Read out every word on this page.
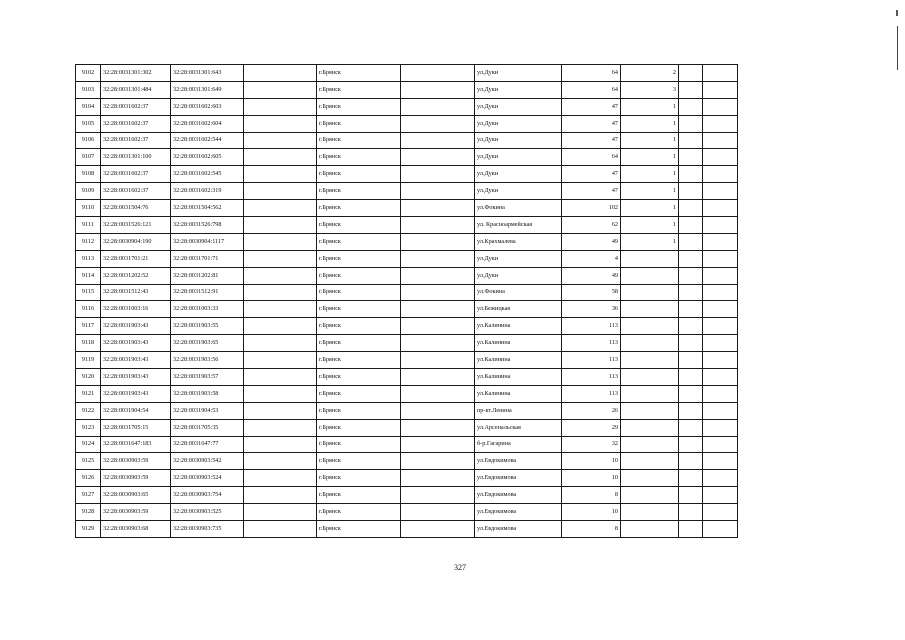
9102	32:28:0031301:302	32:28:0031301:643		г.Брянск		ул.Дуки	64	2		
9103	32:28:0031301:484	32:28:0031301:649		г.Брянск		ул.Дуки	64	3		
9104	32:28:0031602:37	32:28:0031602:603		г.Брянск		ул.Дуки	47	1		
9105	32:28:0031602:37	32:28:0031602:604		г.Брянск		ул.Дуки	47	1		
9106	32:28:0031602:37	32:28:0031602:544		г.Брянск		ул.Дуки	47	1		
9107	32:28:0031301:100	32:28:0031602:605		г.Брянск		ул.Дуки	64	1		
9108	32:28:0031602:37	32:28:0031602:545		г.Брянск		ул.Дуки	47	1		
9109	32:28:0031602:37	32:28:0031602:319		г.Брянск		ул.Дуки	47	1		
9110	32:28:0031504:76	32:28:0031504:562		г.Брянск		ул.Фокина	102	1		
9111	32:28:0031526:121	32:28:0031526:798		г.Брянск		ул. Красноармейская	62	1		
9112	32:28:0030904:190	32:28:0030904:1117		г.Брянск		ул.Крахмалева	49	1		
9113	32:28:0031701:21	32:28:0031701:71		г.Брянск		ул.Дуки	4			
9114	32:28:0031202:52	32:28:0031202:81		г.Брянск		ул.Дуки	49			
9115	32:28:0031512:43	32:28:0031512:91		г.Брянск		ул.Фокина	58			
9116	32:28:0031003:16	32:28:0031003:33		г.Брянск		ул.Бежицкая	36			
9117	32:28:0031903:43	32:28:0031903:55		г.Брянск		ул.Калинина	113			
9118	32:28:0031903:43	32:28:0031903:65		г.Брянск		ул.Калинина	113			
9119	32:28:0031903:43	32:28:0031903:56		г.Брянск		ул.Калинина	113			
9120	32:28:0031903:43	32:28:0031903:57		г.Брянск		ул.Калинина	113			
9121	32:28:0031903:43	32:28:0031903:58		г.Брянск		ул.Калинина	113			
9122	32:28:0031904:54	32:28:0031904:53		г.Брянск		пр-кт.Ленина	26			
9123	32:28:0031705:15	32:28:0031705:35		г.Брянск		ул.Арсенальская	29			
9124	32:28:0031647:183	32:28:0031647:77		г.Брянск		б-р.Гагарина	32			
9125	32:28:0030903:59	32:28:0030903:542		г.Брянск		ул.Евдокимова	10			
9126	32:28:0030903:59	32:28:0030903:524		г.Брянск		ул.Евдокимова	10			
9127	32:28:0030903:65	32:28:0030903:754		г.Брянск		ул.Евдокимова	8			
9128	32:28:0030903:59	32:28:0030903:525		г.Брянск		ул.Евдокимова	10			
9129	32:28:0030903:68	32:28:0030903:735		г.Брянск		ул.Евдокимова	8			
327
